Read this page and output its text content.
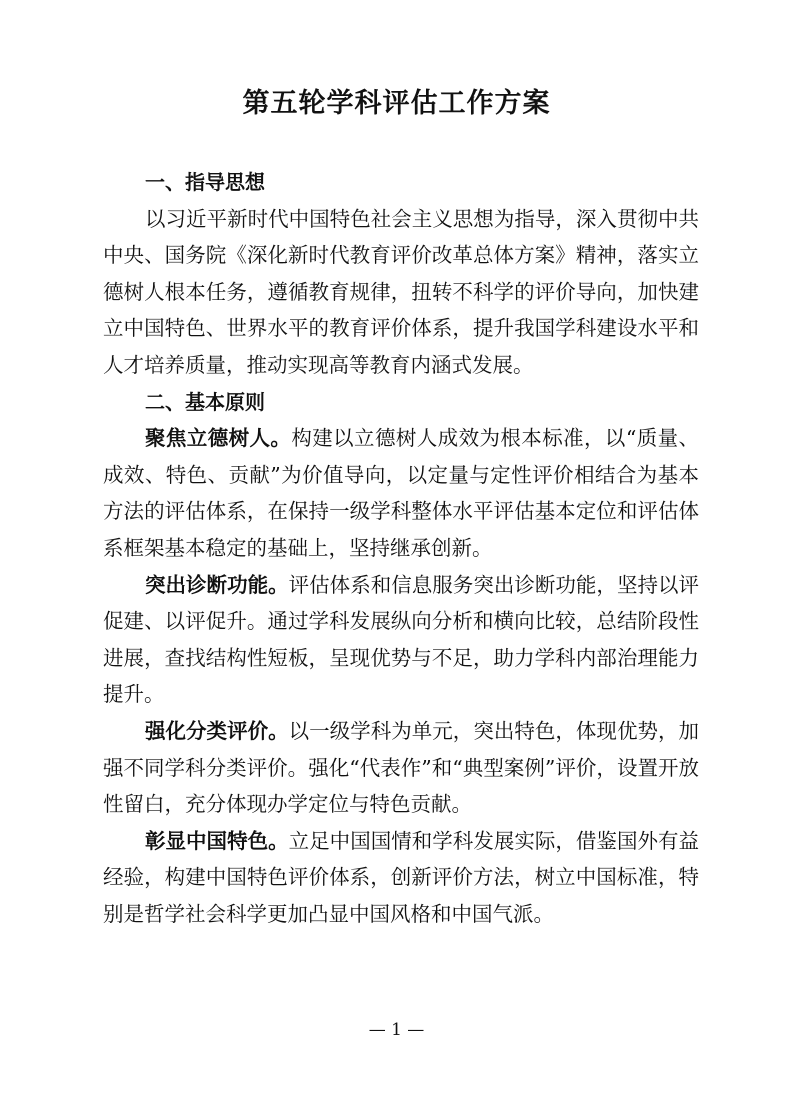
第五轮学科评估工作方案

一、指导思想

以习近平新时代中国特色社会主义思想为指导，深入贯彻中共中央、国务院《深化新时代教育评价改革总体方案》精神，落实立德树人根本任务，遵循教育规律，扭转不科学的评价导向，加快建立中国特色、世界水平的教育评价体系，提升我国学科建设水平和人才培养质量，推动实现高等教育内涵式发展。

二、基本原则

聚焦立德树人。构建以立德树人成效为根本标准，以“质量、成效、特色、贡献”为价值导向，以定量与定性评价相结合为基本方法的评估体系，在保持一级学科整体水平评估基本定位和评估体系框架基本稳定的基础上，坚持继承创新。

突出诊断功能。评估体系和信息服务突出诊断功能，坚持以评促建、以评促升。通过学科发展纵向分析和横向比较，总结阶段性进展，查找结构性短板，呈现优势与不足，助力学科内部治理能力提升。

强化分类评价。以一级学科为单元，突出特色，体现优势，加强不同学科分类评价。强化“代表作”和“典型案例”评价，设置开放性留白，充分体现办学定位与特色贡献。

彰显中国特色。立足中国国情和学科发展实际，借鉴国外有益经验，构建中国特色评价体系，创新评价方法，树立中国标准，特别是哲学社会科学更加凸显中国风格和中国气派。

— 1 —
